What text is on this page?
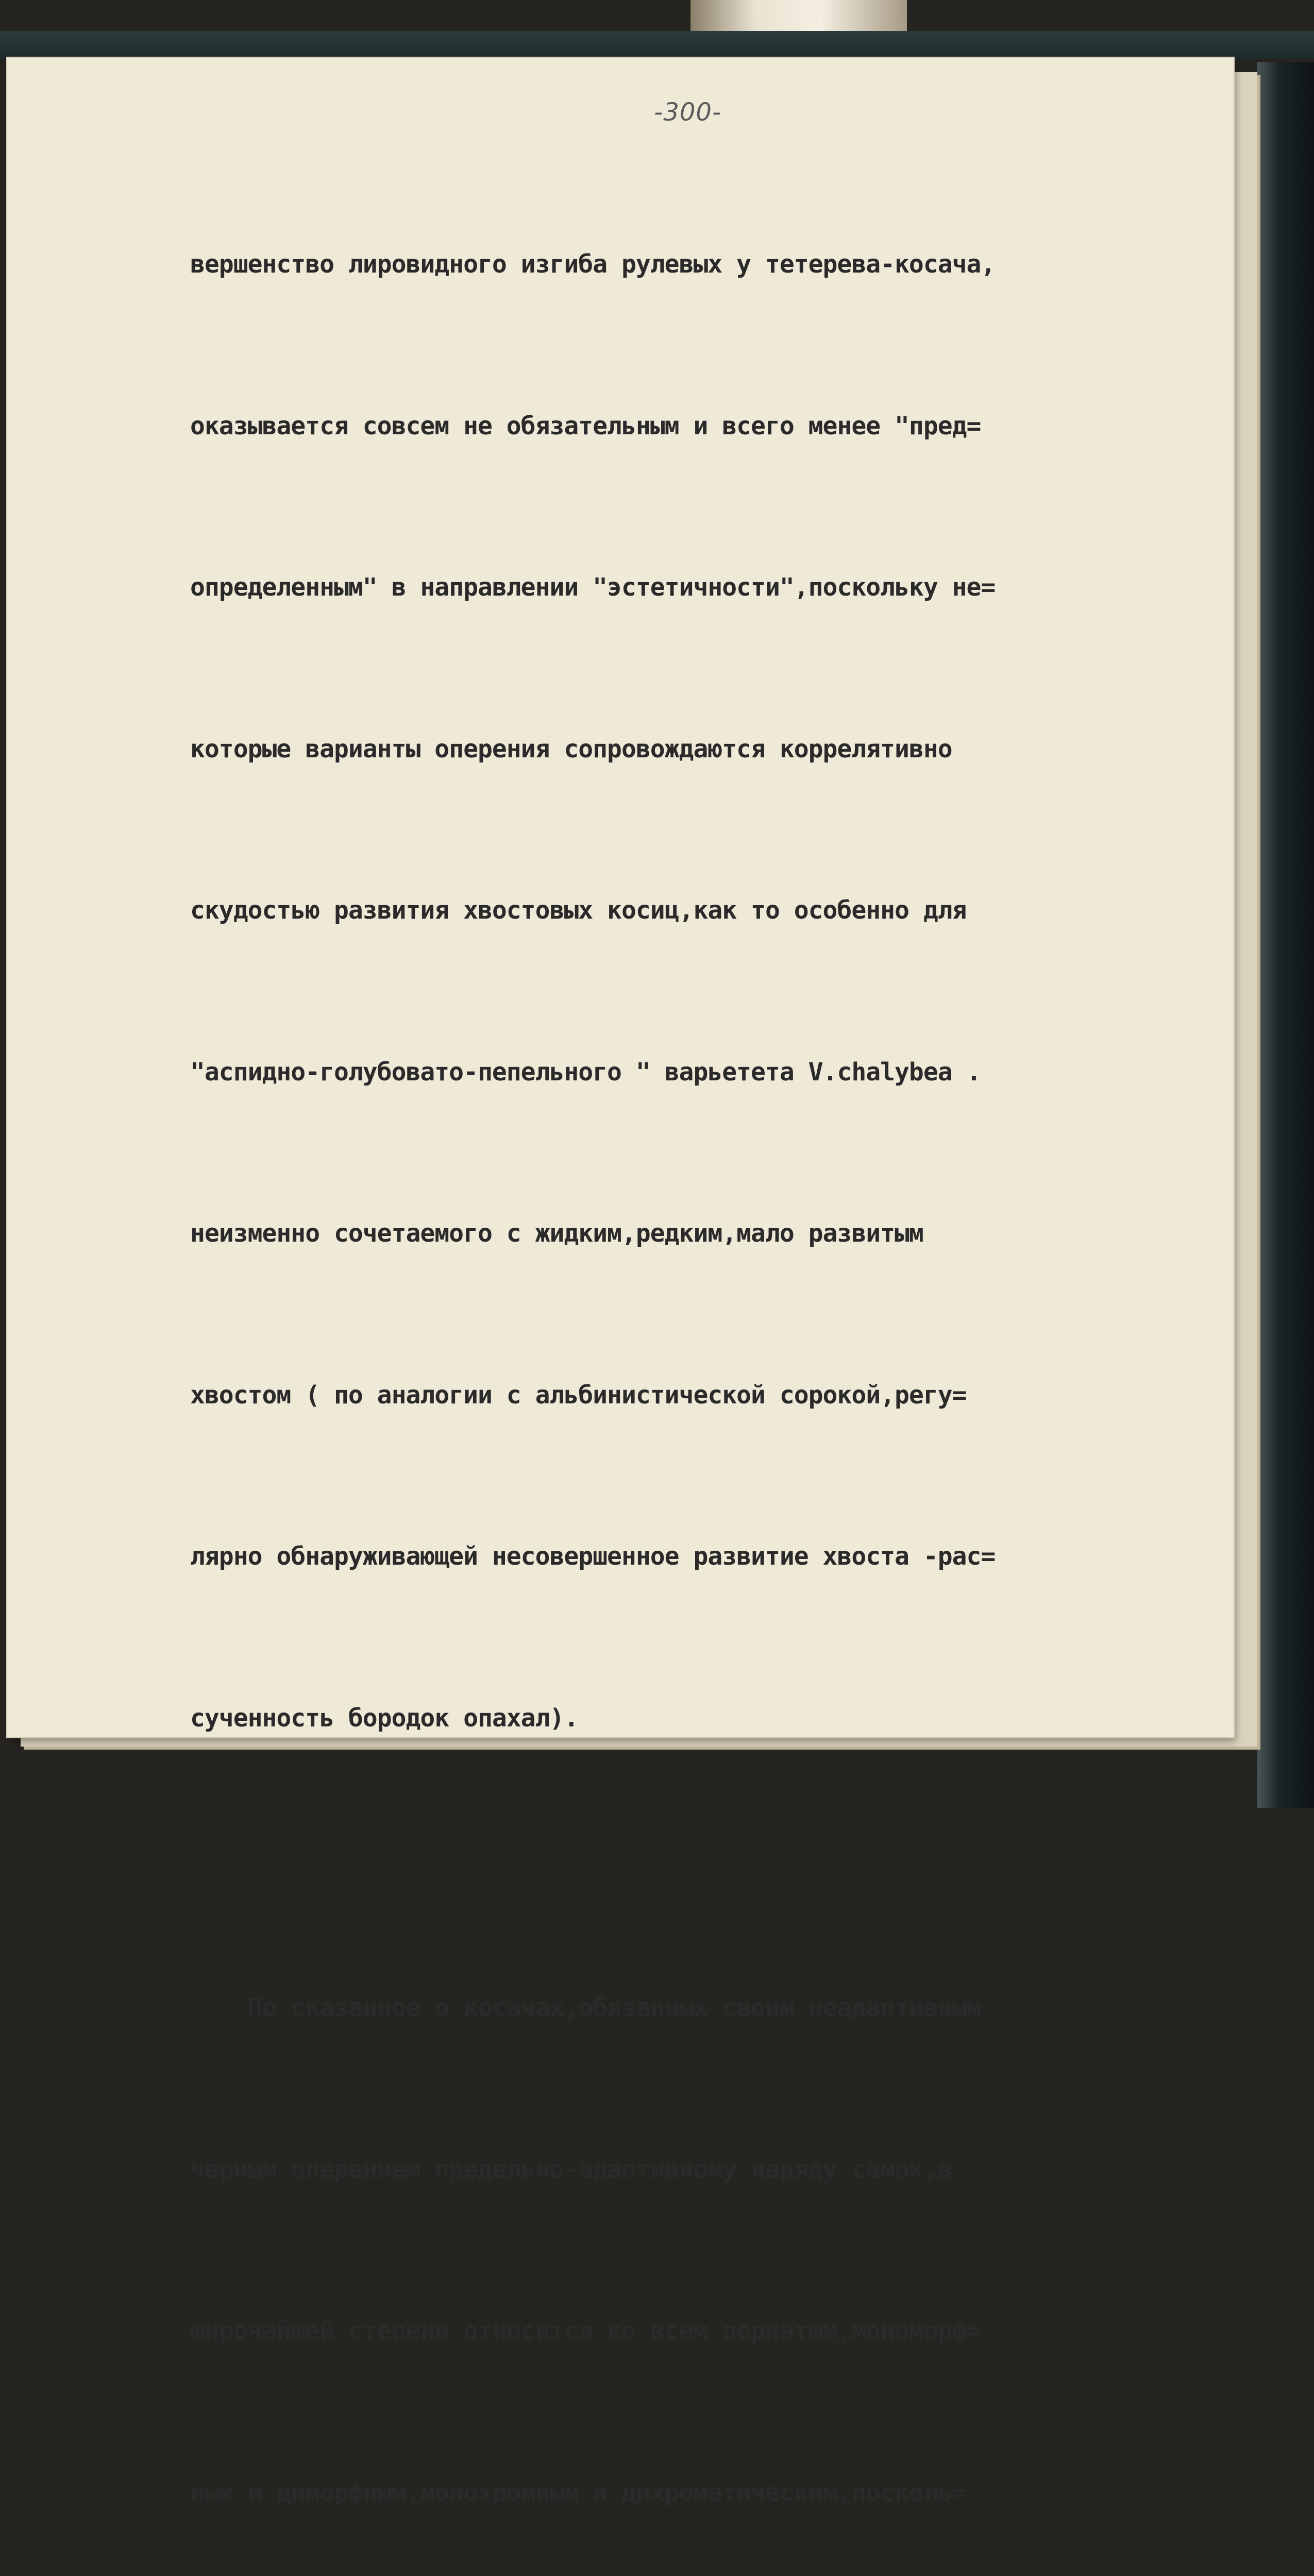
-300-

вершенство лировидного изгиба рулевых у тетерева-косача,

оказывается совсем не обязательным и всего менее "пред=

определенным" в направлении "эстетичности",поскольку не=

которые варианты оперения сопровождаются коррелятивно

скудостью развития хвостовых косиц,как то особенно для

"аспидно-голубовато-пепельного " варьетета V.chalybea .

неизменно сочетаемого с жидким,редким,мало развитым

хвостом ( по аналогии с альбинистической сорокой,регу=

лярно обнаруживающей несовершенное развитие хвоста -рас=

сученность бородок опахал).

По сказанное о косачах,обязанных своим неадаптивным

черным оперением предельно-адаптивному наряду самок,в

широчайшей степени относится ко всем пернатым,мономорф=

ным и диморфным,монохромным и дихроматическим,посколь=
